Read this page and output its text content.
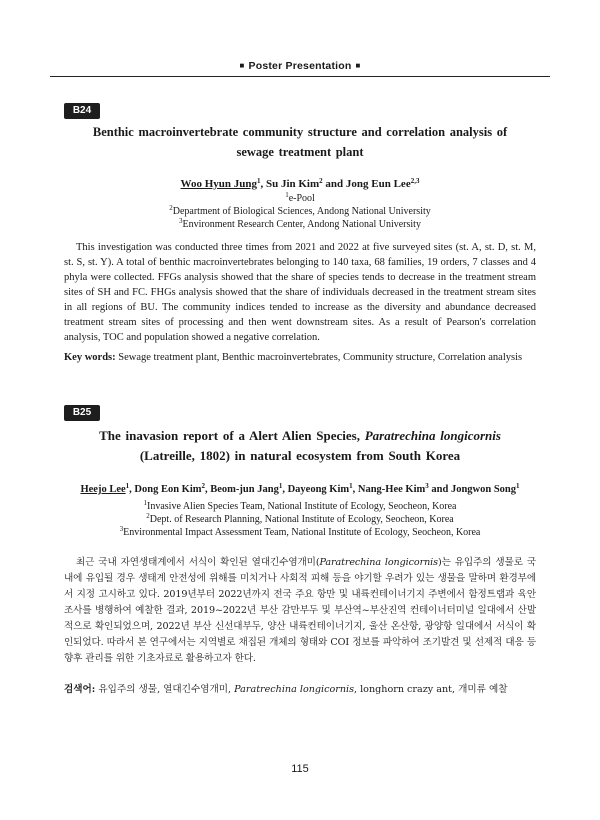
■ Poster Presentation ■
B24
Benthic macroinvertebrate community structure and correlation analysis of
sewage treatment plant
Woo Hyun Jung$^1$, Su Jin Kim$^2$ and Jong Eun Lee$^{2,3}$
$^1$e-Pool
$^2$Department of Biological Sciences, Andong National University
$^3$Environment Research Center, Andong National University
This investigation was conducted three times from 2021 and 2022 at five surveyed sites (st. A, st. D, st. M, st. S, st. Y). A total of benthic macroinvertebrates belonging to 140 taxa, 68 families, 19 orders, 7 classes and 4 phyla were collected. FFGs analysis showed that the share of species tends to decrease in the treatment stream sites of SH and FC. FHGs analysis showed that the share of individuals decreased in the treatment stream sites in all regions of BU. The community indices tended to increase as the diversity and abundance decreased treatment stream sites of processing and then went downstream sites. As a result of Pearson's correlation analysis, TOC and population showed a negative correlation.
Key words: Sewage treatment plant, Benthic macroinvertebrates, Community structure, Correlation analysis
B25
The inavasion report of a Alert Alien Species, Paratrechina longicornis
(Latreille, 1802) in natural ecosystem from South Korea
Heejo Lee$^1$, Dong Eon Kim$^2$, Beom-jun Jang$^1$, Dayeong Kim$^1$, Nang-Hee Kim$^3$ and Jongwon Song$^1$
$^1$Invasive Alien Species Team, National Institute of Ecology, Seocheon, Korea
$^2$Dept. of Research Planning, National Institute of Ecology, Seocheon, Korea
$^3$Environmental Impact Assessment Team, National Institute of Ecology, Seocheon, Korea
최근 국내 자연생태계에서 서식이 확인된 열대긴수염개미(Paratrechina longicornis)는 유입주의 생물로 국내에 유입될 경우 생태계 안전성에 위해를 미치거나 사회적 피해 등을 야기할 우려가 있는 생물을 말하며 환경부에서 지정 고시하고 있다. 2019년부터 2022년까지 전국 주요 항만 및 내륙컨테이너기지 주변에서 함정트랩과 육안조사를 병행하여 예찰한 결과, 2019~2022년 부산 감만부두 및 부산역~부산진역 컨테이너터미널 일대에서 산발적으로 확인되었으며, 2022년 부산 신선대부두, 양산 내륙컨테이너기지, 울산 온산항, 광양항 일대에서 서식이 확인되었다. 따라서 본 연구에서는 지역별로 채집된 개체의 형태와 COI 정보를 파악하여 조기발견 및 선제적 대응 등 향후 관리를 위한 기초자료로 활용하고자 한다.
검색어: 유입주의 생물, 열대긴수염개미, Paratrechina longicornis, longhorn crazy ant, 개미류 예찰
115
